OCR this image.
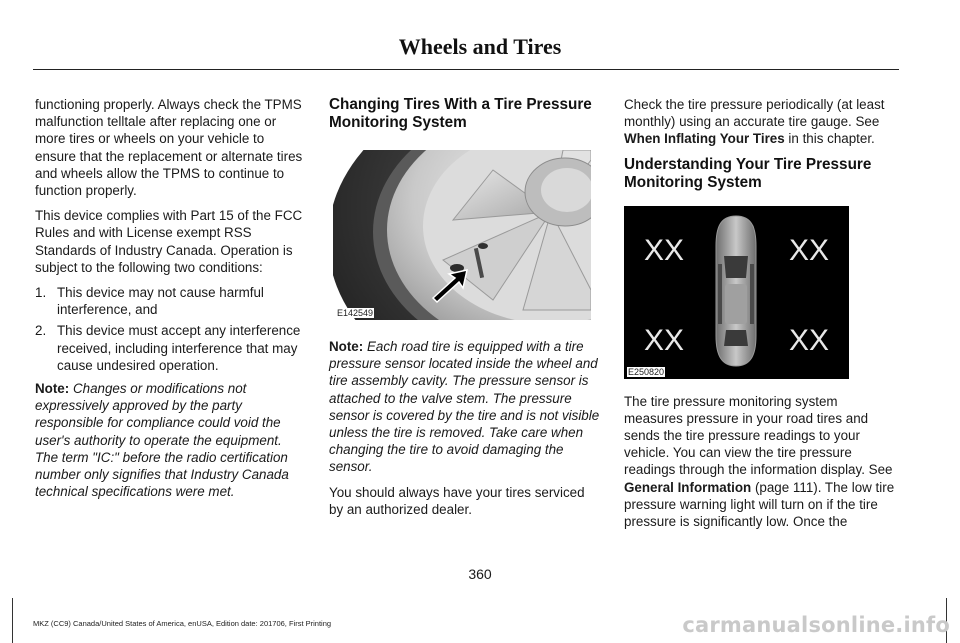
Wheels and Tires

functioning properly. Always check the TPMS malfunction telltale after replacing one or more tires or wheels on your vehicle to ensure that the replacement or alternate tires and wheels allow the TPMS to continue to function properly.

This device complies with Part 15 of the FCC Rules and with License exempt RSS Standards of Industry Canada. Operation is subject to the following two conditions:

1. This device may not cause harmful interference, and
2. This device must accept any interference received, including interference that may cause undesired operation.

Note: Changes or modifications not expressively approved by the party responsible for compliance could void the user's authority to operate the equipment. The term "IC:" before the radio certification number only signifies that Industry Canada technical specifications were met.

Changing Tires With a Tire Pressure Monitoring System
E142549

Note: Each road tire is equipped with a tire pressure sensor located inside the wheel and tire assembly cavity. The pressure sensor is attached to the valve stem. The pressure sensor is covered by the tire and is not visible unless the tire is removed. Take care when changing the tire to avoid damaging the sensor.

You should always have your tires serviced by an authorized dealer.

Check the tire pressure periodically (at least monthly) using an accurate tire gauge. See When Inflating Your Tires in this chapter.

Understanding Your Tire Pressure Monitoring System
XX	XX
XX	XX
E250820

The tire pressure monitoring system measures pressure in your road tires and sends the tire pressure readings to your vehicle. You can view the tire pressure readings through the information display. See General Information (page 111). The low tire pressure warning light will turn on if the tire pressure is significantly low. Once the

360
MKZ (CC9) Canada/United States of America, enUSA, Edition date: 201706, First Printing	carmanualsonline.info
